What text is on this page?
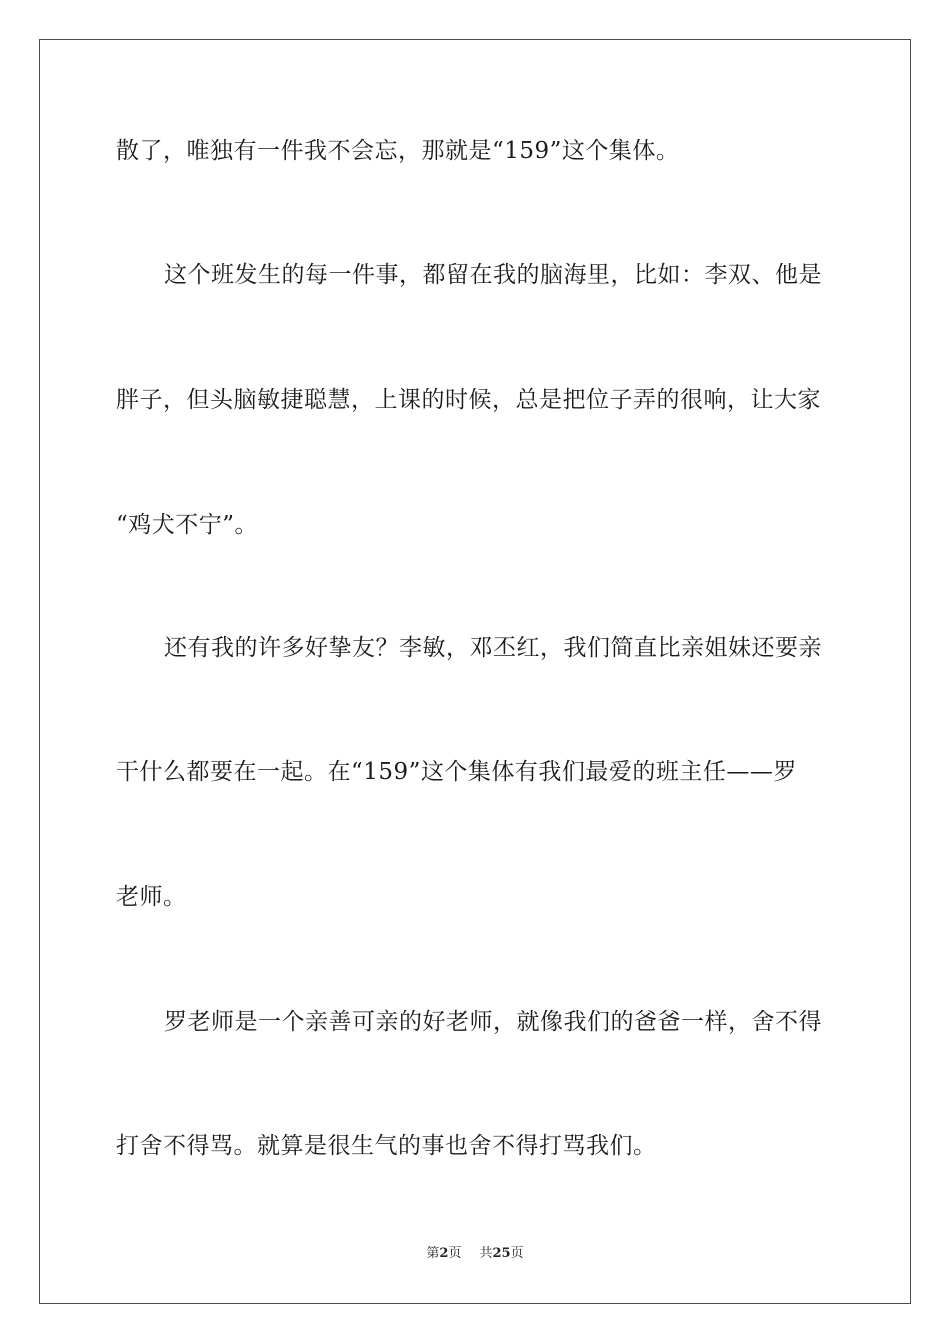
散了，唯独有一件我不会忘，那就是“159”这个集体。
这个班发生的每一件事，都留在我的脑海里，比如：李双、他是
胖子，但头脑敏捷聪慧，上课的时候，总是把位子弄的很响，让大家
“鸡犬不宁”。
还有我的许多好挚友？李敏，邓丕红，我们简直比亲姐妹还要亲
干什么都要在一起。在“159”这个集体有我们最爱的班主任——罗
老师。
罗老师是一个亲善可亲的好老师，就像我们的爸爸一样，舍不得
打舍不得骂。就算是很生气的事也舍不得打骂我们。
第2页 共25页
